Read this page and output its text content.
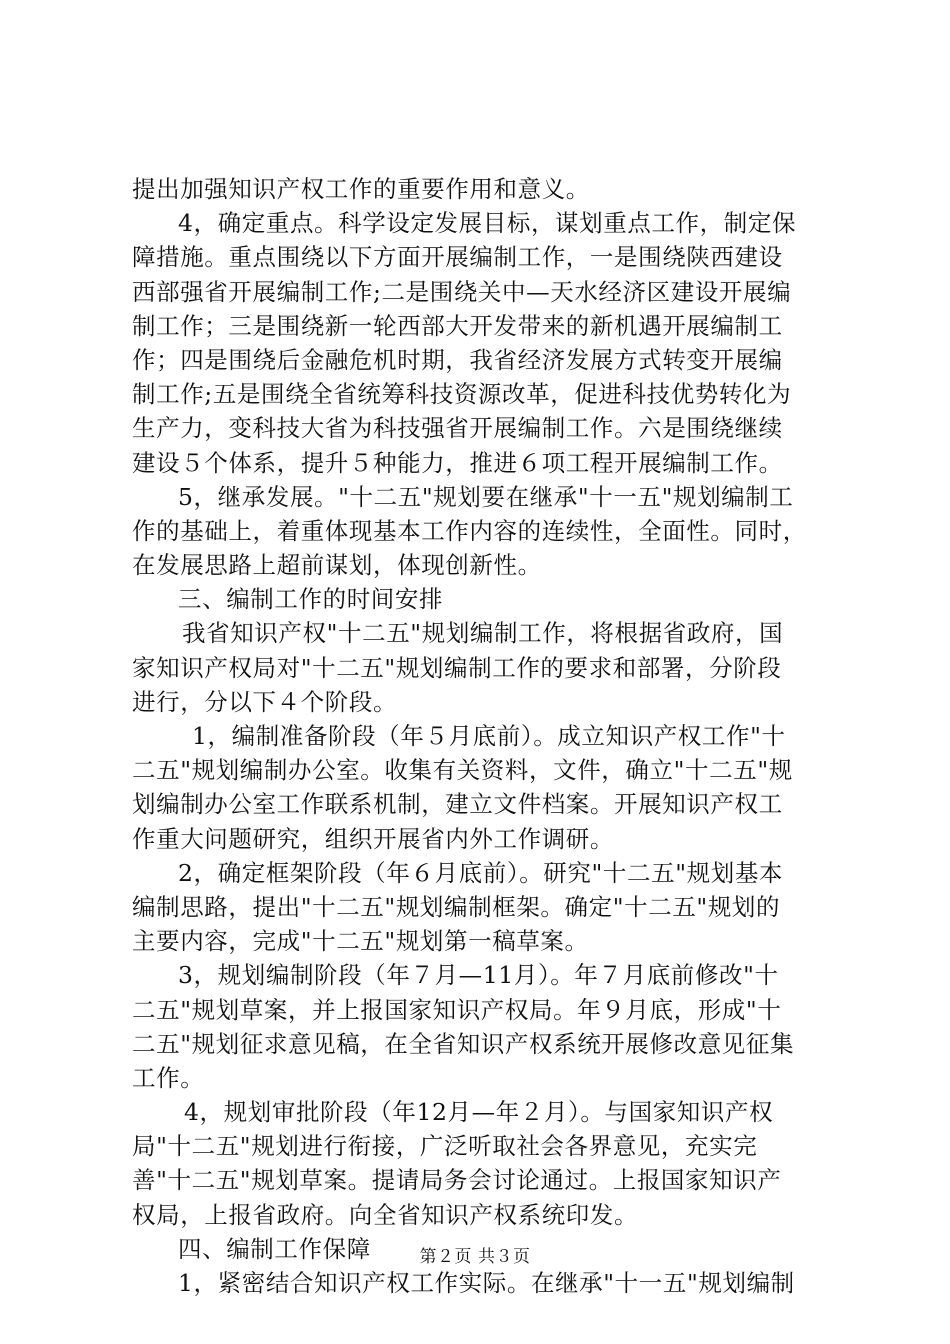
提出加强知识产权工作的重要作用和意义。
4，确定重点。科学设定发展目标，谋划重点工作，制定保
障措施。重点围绕以下方面开展编制工作，一是围绕陕西建设
西部强省开展编制工作;二是围绕关中—天水经济区建设开展编
制工作；三是围绕新一轮西部大开发带来的新机遇开展编制工
作；四是围绕后金融危机时期，我省经济发展方式转变开展编
制工作;五是围绕全省统筹科技资源改革，促进科技优势转化为
生产力，变科技大省为科技强省开展编制工作。六是围绕继续
建设５个体系，提升５种能力，推进６项工程开展编制工作。
5，继承发展。"十二五"规划要在继承"十一五"规划编制工
作的基础上，着重体现基本工作内容的连续性，全面性。同时，
在发展思路上超前谋划，体现创新性。
三、编制工作的时间安排
我省知识产权"十二五"规划编制工作，将根据省政府，国
家知识产权局对"十二五"规划编制工作的要求和部署，分阶段
进行，分以下４个阶段。
1，编制准备阶段（年５月底前）。成立知识产权工作"十
二五"规划编制办公室。收集有关资料，文件，确立"十二五"规
划编制办公室工作联系机制，建立文件档案。开展知识产权工
作重大问题研究，组织开展省内外工作调研。
2，确定框架阶段（年６月底前）。研究"十二五"规划基本
编制思路，提出"十二五"规划编制框架。确定"十二五"规划的
主要内容，完成"十二五"规划第一稿草案。
3，规划编制阶段（年７月—11月）。年７月底前修改"十
二五"规划草案，并上报国家知识产权局。年９月底，形成"十
二五"规划征求意见稿，在全省知识产权系统开展修改意见征集
工作。
4，规划审批阶段（年12月—年２月）。与国家知识产权
局"十二五"规划进行衔接，广泛听取社会各界意见，充实完
善"十二五"规划草案。提请局务会讨论通过。上报国家知识产
权局，上报省政府。向全省知识产权系统印发。
四、编制工作保障
1，紧密结合知识产权工作实际。在继承"十一五"规划编制
第２页 共３页
